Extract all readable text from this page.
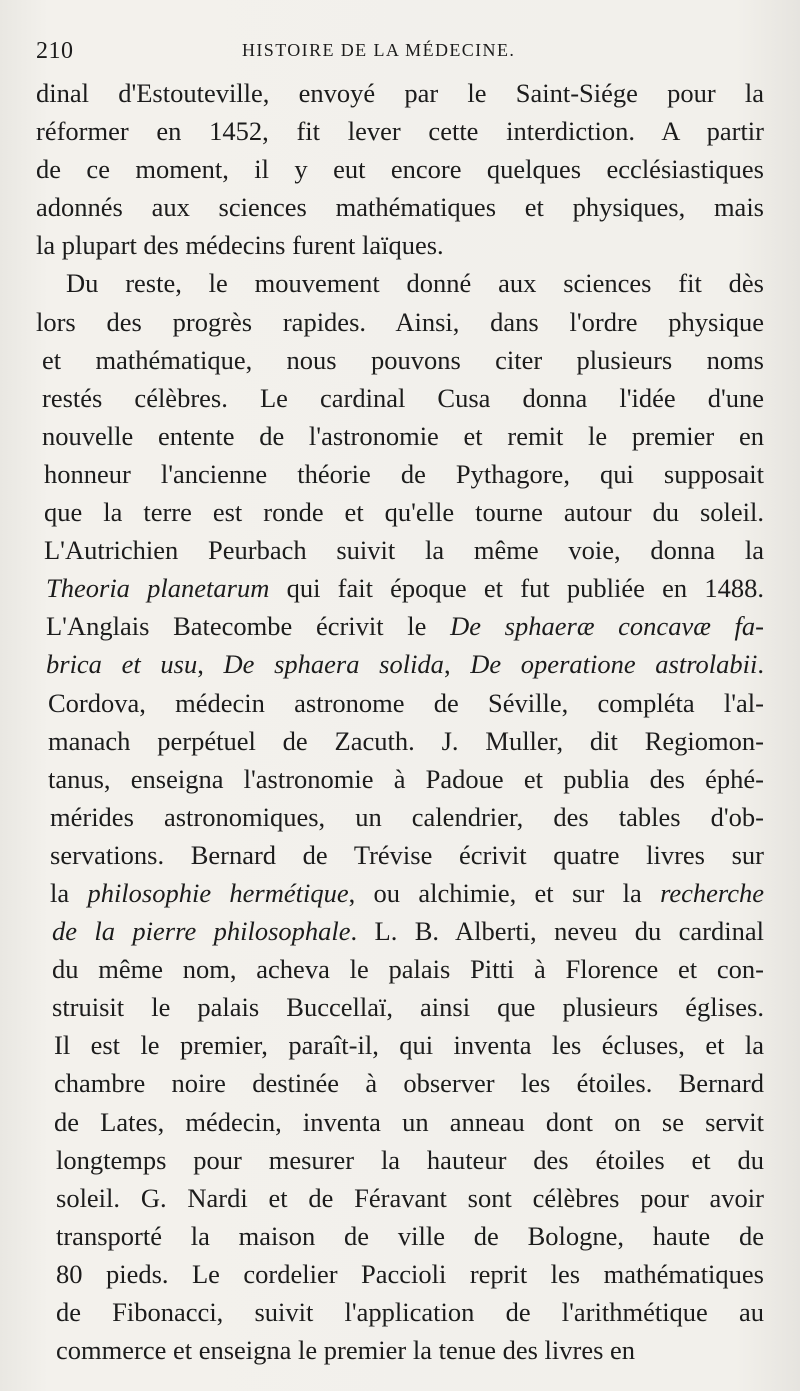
210	HISTOIRE DE LA MÉDECINE.
dinal d'Estouteville, envoyé par le Saint-Siége pour la
réformer en 1452, fit lever cette interdiction. A partir
de ce moment, il y eut encore quelques ecclésiastiques
adonnés aux sciences mathématiques et physiques, mais
la plupart des médecins furent laïques.
Du reste, le mouvement donné aux sciences fit dès
lors des progrès rapides. Ainsi, dans l'ordre physique
et mathématique, nous pouvons citer plusieurs noms
restés célèbres. Le cardinal Cusa donna l'idée d'une
nouvelle entente de l'astronomie et remit le premier en
honneur l'ancienne théorie de Pythagore, qui supposait
que la terre est ronde et qu'elle tourne autour du soleil.
L'Autrichien Peurbach suivit la même voie, donna la
Theoria planetarum qui fait époque et fut publiée en 1488.
L'Anglais Batecombe écrivit le De sphaeræ concavæ fa-
brica et usu, De sphaera solida, De operatione astrolabii.
Cordova, médecin astronome de Séville, compléta l'al-
manach perpétuel de Zacuth. J. Muller, dit Regiomon-
tanus, enseigna l'astronomie à Padoue et publia des éphé-
mérides astronomiques, un calendrier, des tables d'ob-
servations. Bernard de Trévise écrivit quatre livres sur
la philosophie hermétique, ou alchimie, et sur la recherche
de la pierre philosophale. L. B. Alberti, neveu du cardinal
du même nom, acheva le palais Pitti à Florence et con-
struisit le palais Buccellaï, ainsi que plusieurs églises.
Il est le premier, paraît-il, qui inventa les écluses, et la
chambre noire destinée à observer les étoiles. Bernard
de Lates, médecin, inventa un anneau dont on se servit
longtemps pour mesurer la hauteur des étoiles et du
soleil. G. Nardi et de Féravant sont célèbres pour avoir
transporté la maison de ville de Bologne, haute de
80 pieds. Le cordelier Paccioli reprit les mathématiques
de Fibonacci, suivit l'application de l'arithmétique au
commerce et enseigna le premier la tenue des livres en
